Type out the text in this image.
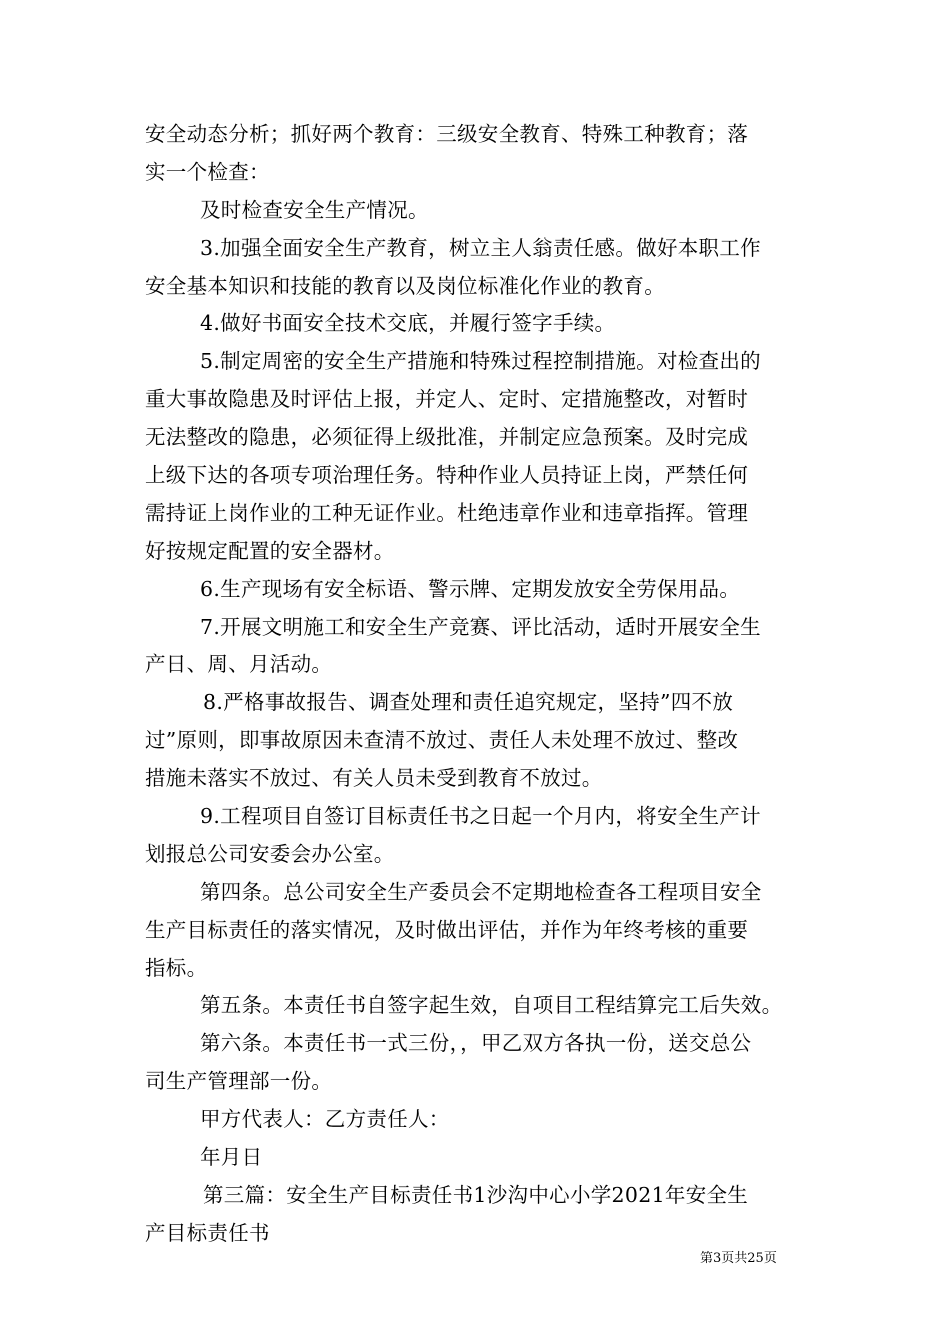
安全动态分析；抓好两个教育：三级安全教育、特殊工种教育；落
实一个检查：
及时检查安全生产情况。
3.加强全面安全生产教育，树立主人翁责任感。做好本职工作
安全基本知识和技能的教育以及岗位标准化作业的教育。
4.做好书面安全技术交底，并履行签字手续。
5.制定周密的安全生产措施和特殊过程控制措施。对检查出的
重大事故隐患及时评估上报，并定人、定时、定措施整改，对暂时
无法整改的隐患，必须征得上级批准，并制定应急预案。及时完成
上级下达的各项专项治理任务。特种作业人员持证上岗，严禁任何
需持证上岗作业的工种无证作业。杜绝违章作业和违章指挥。管理
好按规定配置的安全器材。
6.生产现场有安全标语、警示牌、定期发放安全劳保用品。
7.开展文明施工和安全生产竞赛、评比活动，适时开展安全生
产日、周、月活动。
8.严格事故报告、调查处理和责任追究规定，坚持”四不放
过”原则，即事故原因未查清不放过、责任人未处理不放过、整改
措施未落实不放过、有关人员未受到教育不放过。
9.工程项目自签订目标责任书之日起一个月内，将安全生产计
划报总公司安委会办公室。
第四条。总公司安全生产委员会不定期地检查各工程项目安全
生产目标责任的落实情况，及时做出评估，并作为年终考核的重要
指标。
第五条。本责任书自签字起生效，自项目工程结算完工后失效。
第六条。本责任书一式三份，，甲乙双方各执一份，送交总公
司生产管理部一份。
甲方代表人：乙方责任人：
年月日
第三篇：安全生产目标责任书1沙沟中心小学2021年安全生
产目标责任书
第3页共25页
